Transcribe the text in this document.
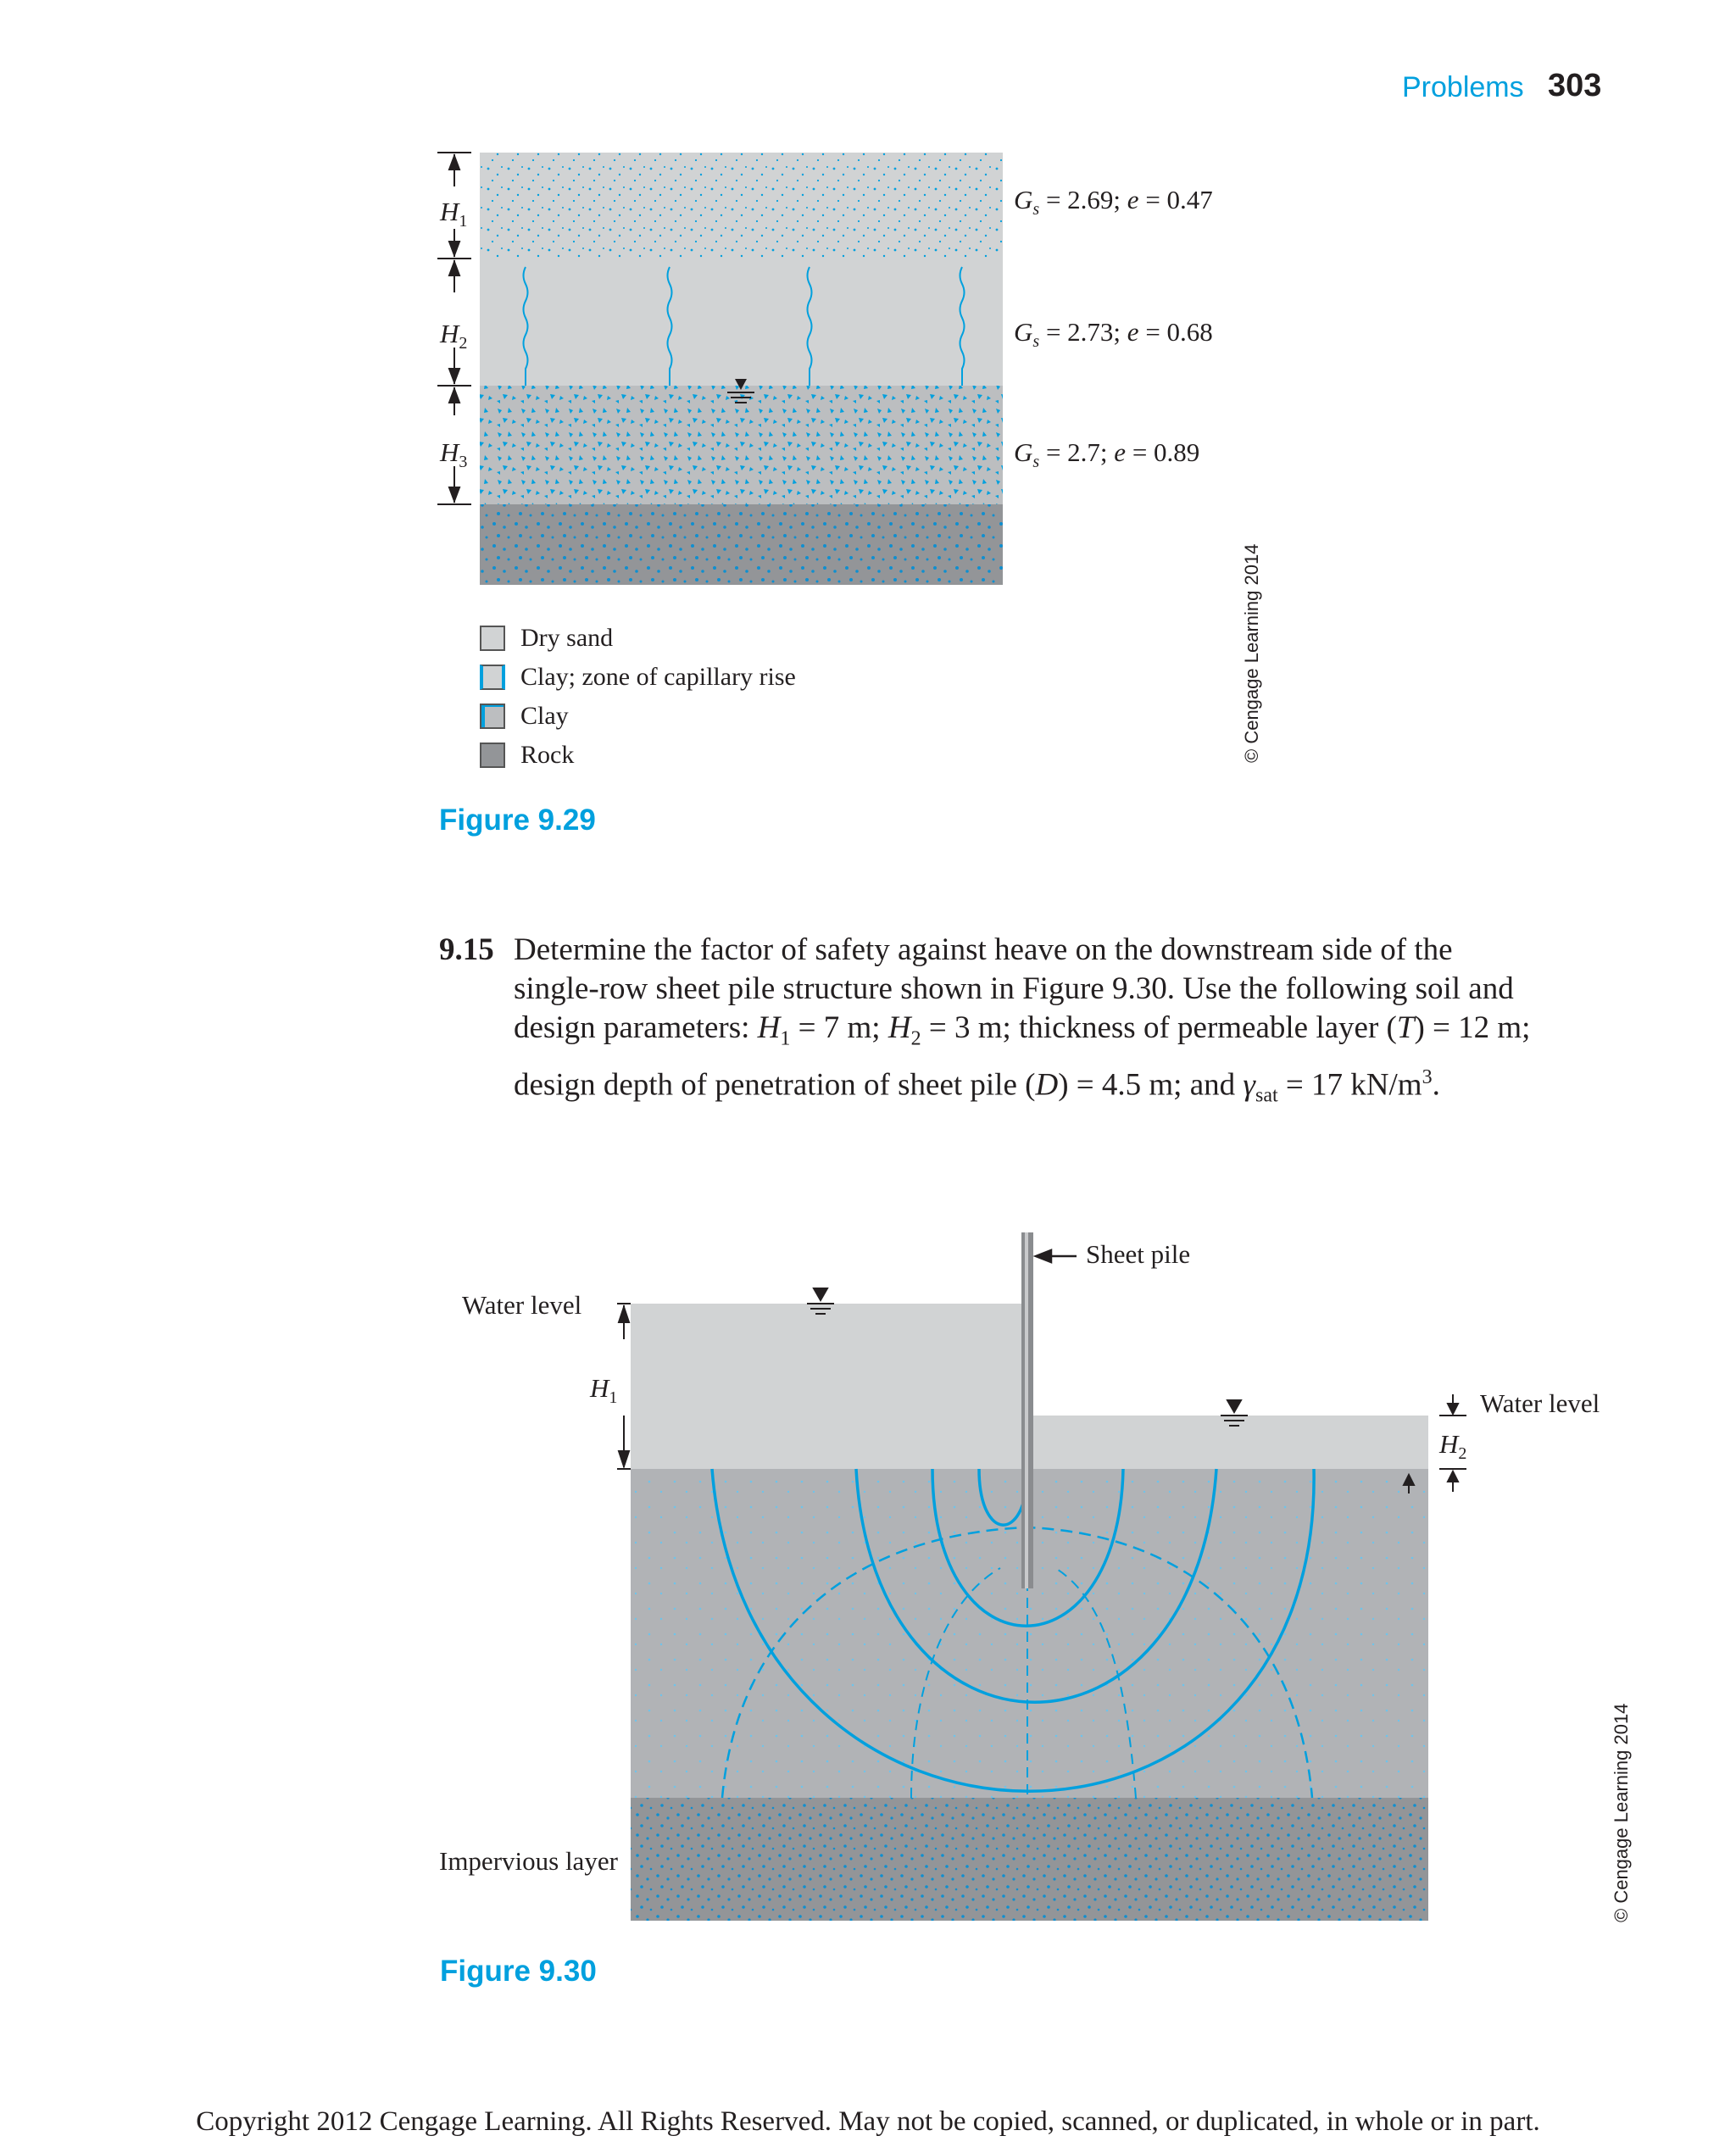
Problems 303
$H_1$
$H_2$
$H_3$
$G_s = 2.69$; e = 0.47
$G_s = 2.73$; e = 0.68
$G_s = 2.7$; e = 0.89
Dry sand
Clay; zone of capillary rise
Clay
Rock	© Cengage Learning 2014
Figure 9.29
9.15 Determine the factor of safety against heave on the downstream side of the single-row sheet pile structure shown in Figure 9.30. Use the following soil and design parameters: $H_1 = 7$ m; $H_2 = 3$ m; thickness of permeable layer (T) = 12 m; design depth of penetration of sheet pile (D) = 4.5 m; and $\gamma_{sat} = 17$ $kN/m^3$.
Sheet pile
Water level
Water level
$H_1$
$H_2$
Impervious layer	© Cengage Learning 2014
Figure 9.30
Copyright 2012 Cengage Learning. All Rights Reserved. May not be copied, scanned, or duplicated, in whole or in part.
